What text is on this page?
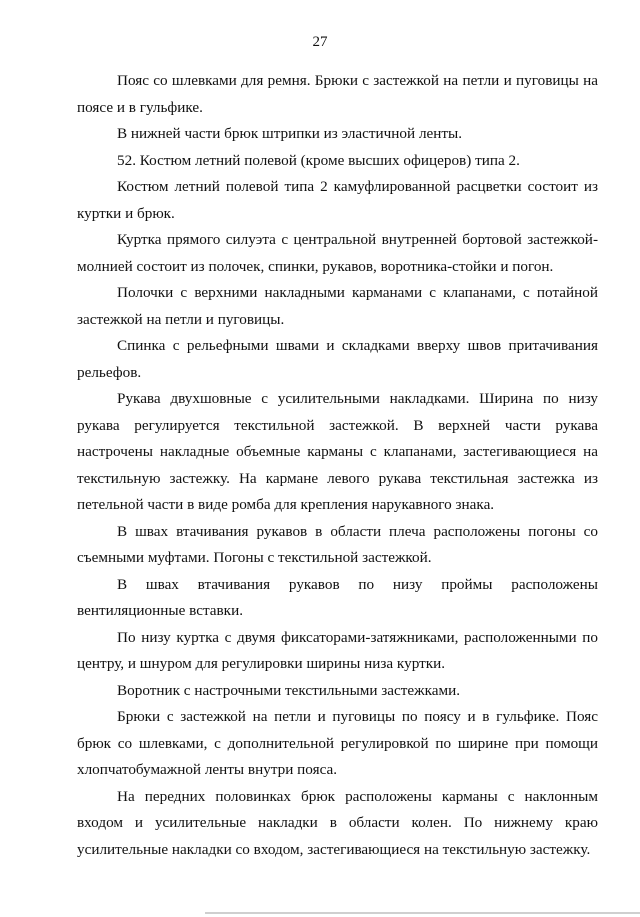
27

Пояс со шлевками для ремня. Брюки с застежкой на петли и пуговицы на поясе и в гульфике.

В нижней части брюк штрипки из эластичной ленты.

52. Костюм летний полевой (кроме высших офицеров) типа 2.

Костюм летний полевой типа 2 камуфлированной расцветки состоит из куртки и брюк.

Куртка прямого силуэта с центральной внутренней бортовой застежкой-молнией состоит из полочек, спинки, рукавов, воротника-стойки и погон.

Полочки с верхними накладными карманами с клапанами, с потайной застежкой на петли и пуговицы.

Спинка с рельефными швами и складками вверху швов притачивания рельефов.

Рукава двухшовные с усилительными накладками. Ширина по низу рукава регулируется текстильной застежкой. В верхней части рукава настрочены накладные объемные карманы с клапанами, застегивающиеся на текстильную застежку. На кармане левого рукава текстильная застежка из петельной части в виде ромба для крепления нарукавного знака.

В швах втачивания рукавов в области плеча расположены погоны со съемными муфтами. Погоны с текстильной застежкой.

В швах втачивания рукавов по низу проймы расположены вентиляционные вставки.

По низу куртка с двумя фиксаторами-затяжниками, расположенными по центру, и шнуром для регулировки ширины низа куртки.

Воротник с настрочными текстильными застежками.

Брюки с застежкой на петли и пуговицы по поясу и в гульфике. Пояс брюк со шлевками, с дополнительной регулировкой по ширине при помощи хлопчатобумажной ленты внутри пояса.

На передних половинках брюк расположены карманы с наклонным входом и усилительные накладки в области колен. По нижнему краю усилительные накладки со входом, застегивающиеся на текстильную застежку.
